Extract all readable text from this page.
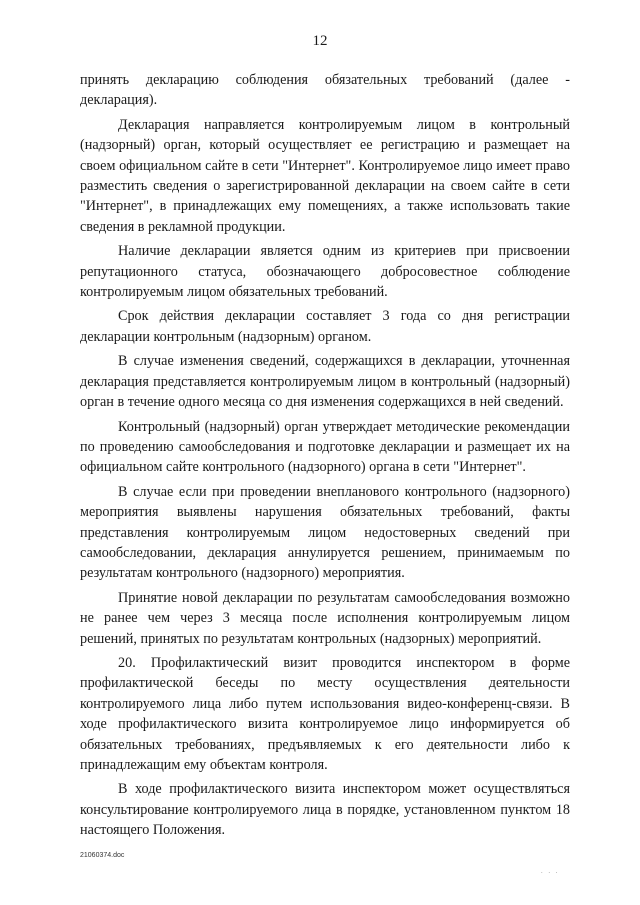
12

принять декларацию соблюдения обязательных требований (далее - декларация).

Декларация направляется контролируемым лицом в контрольный (надзорный) орган, который осуществляет ее регистрацию и размещает на своем официальном сайте в сети "Интернет". Контролируемое лицо имеет право разместить сведения о зарегистрированной декларации на своем сайте в сети "Интернет", в принадлежащих ему помещениях, а также использовать такие сведения в рекламной продукции.

Наличие декларации является одним из критериев при присвоении репутационного статуса, обозначающего добросовестное соблюдение контролируемым лицом обязательных требований.

Срок действия декларации составляет 3 года со дня регистрации декларации контрольным (надзорным) органом.

В случае изменения сведений, содержащихся в декларации, уточненная декларация представляется контролируемым лицом в контрольный (надзорный) орган в течение одного месяца со дня изменения содержащихся в ней сведений.

Контрольный (надзорный) орган утверждает методические рекомендации по проведению самообследования и подготовке декларации и размещает их на официальном сайте контрольного (надзорного) органа в сети "Интернет".

В случае если при проведении внепланового контрольного (надзорного) мероприятия выявлены нарушения обязательных требований, факты представления контролируемым лицом недостоверных сведений при самообследовании, декларация аннулируется решением, принимаемым по результатам контрольного (надзорного) мероприятия.

Принятие новой декларации по результатам самообследования возможно не ранее чем через 3 месяца после исполнения контролируемым лицом решений, принятых по результатам контрольных (надзорных) мероприятий.

20. Профилактический визит проводится инспектором в форме профилактической беседы по месту осуществления деятельности контролируемого лица либо путем использования видео-конференц-связи. В ходе профилактического визита контролируемое лицо информируется об обязательных требованиях, предъявляемых к его деятельности либо к принадлежащим ему объектам контроля.

В ходе профилактического визита инспектором может осуществляться консультирование контролируемого лица в порядке, установленном пунктом 18 настоящего Положения.

21060374.doc
. . .
